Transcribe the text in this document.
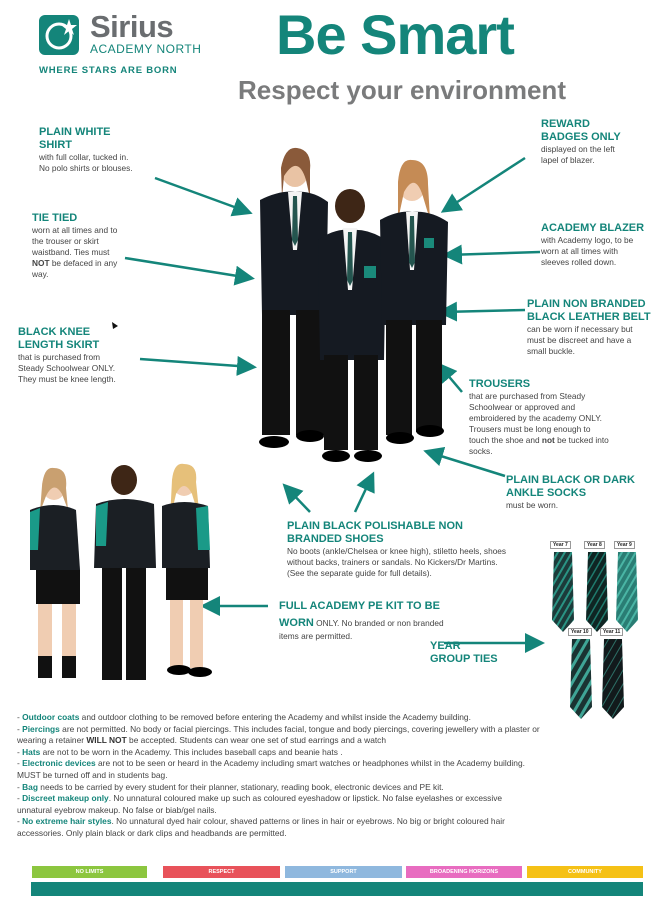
Sirius
ACADEMY NORTH
WHERE STARS ARE BORN
Be Smart
Respect your environment
PLAIN WHITE
SHIRT
with full collar, tucked in.
No polo shirts or blouses.
TIE TIED
worn at all times and to
the trouser or skirt
waistband. Ties must
NOT be defaced in any
way.
BLACK KNEE
LENGTH SKIRT
that is purchased from
Steady Schoolwear ONLY.
They must be knee length.
REWARD
BADGES ONLY
displayed on the left
lapel of blazer.
ACADEMY BLAZER
with Academy logo, to be
worn at all times with
sleeves rolled down.
PLAIN NON BRANDED
BLACK LEATHER BELT
can be worn if necessary but
must be discreet and have a
small buckle.
TROUSERS
that are purchased from Steady
Schoolwear or approved and
embroidered by the academy ONLY.
Trousers must be long enough to
touch the shoe and not be tucked into
socks.
PLAIN BLACK OR DARK
ANKLE SOCKS
must be worn.
PLAIN BLACK POLISHABLE NON
BRANDED SHOES
No boots (ankle/Chelsea or knee high), stiletto heels, shoes
without backs, trainers or sandals. No Kickers/Dr Martins.
(See the separate guide for full details).
FULL ACADEMY PE KIT TO BE
WORN ONLY. No branded or non branded
items are permitted.
YEAR
GROUP TIES
Year 7	Year 8	Year 9
Year 10	Year 11
- Outdoor coats and outdoor clothing to be removed before entering the Academy and whilst inside the Academy building.
- Piercings are not permitted. No body or facial piercings. This includes facial, tongue and body piercings, covering jewellery with a plaster or
wearing a retainer WILL NOT be accepted. Students can wear one set of stud earrings and a watch
- Hats are not to be worn in the Academy. This includes baseball caps and beanie hats .
- Electronic devices are not to be seen or heard in the Academy including smart watches or headphones whilst in the Academy building.
MUST be turned off and in students bag.
- Bag needs to be carried by every student for their planner, stationary, reading book, electronic devices and PE kit.
- Discreet makeup only. No unnatural coloured make up such as coloured eyeshadow or lipstick. No false eyelashes or excessive
unnatural eyebrow makeup. No false or biab/gel nails.
- No extreme hair styles. No unnatural dyed hair colour, shaved patterns or lines in hair or eyebrows. No big or bright coloured hair
accessories. Only plain black or dark clips and headbands are permitted.
NO LIMITS	RESPECT	SUPPORT	BROADENING HORIZONS	COMMUNITY
